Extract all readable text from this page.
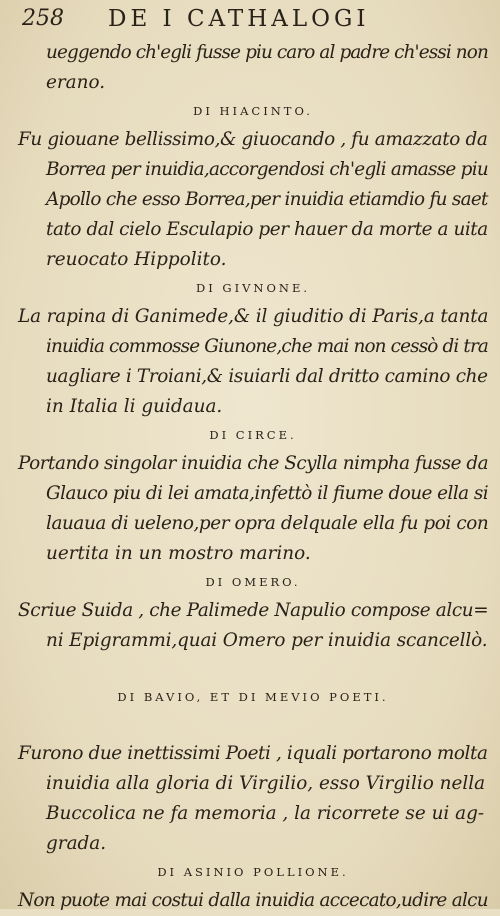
258 DE I CATHALOGI
ueggendo ch'egli fusse piu caro al padre ch'essi non
erano.
DI HIACINTO.
Fu giouane bellissimo,& giuocando , fu amazzato da
Borrea per inuidia,accorgendosi ch'egli amasse piu
Apollo che esso Borrea,per inuidia etiamdio fu saet
tato dal cielo Esculapio per hauer da morte a uita
reuocato Hippolito.
DI GIVNONE.
La rapina di Ganimede,& il giuditio di Paris,a tanta
inuidia commosse Giunone,che mai non cessò di tra
uagliare i Troiani,& isuiarli dal dritto camino che
in Italia li guidaua.
DI CIRCE.
Portando singolar inuidia che Scylla nimpha fusse da
Glauco piu di lei amata,infettò il fiume doue ella si
lauaua di ueleno,per opra delquale ella fu poi con
uertita in un mostro marino.
DI OMERO.
Scriue Suida , che Palimede Napulio compose alcu=
ni Epigrammi,quai Omero per inuidia scancellò.
DI BAVIO, ET DI MEVIO POETI.
Furono due inettissimi Poeti , iquali portarono molta
inuidia alla gloria di Virgilio, esso Virgilio nella
Buccolica ne fa memoria , la ricorrete se ui ag-
grada.
DI ASINIO POLLIONE.
Non puote mai costui dalla inuidia accecato,udire alcu
